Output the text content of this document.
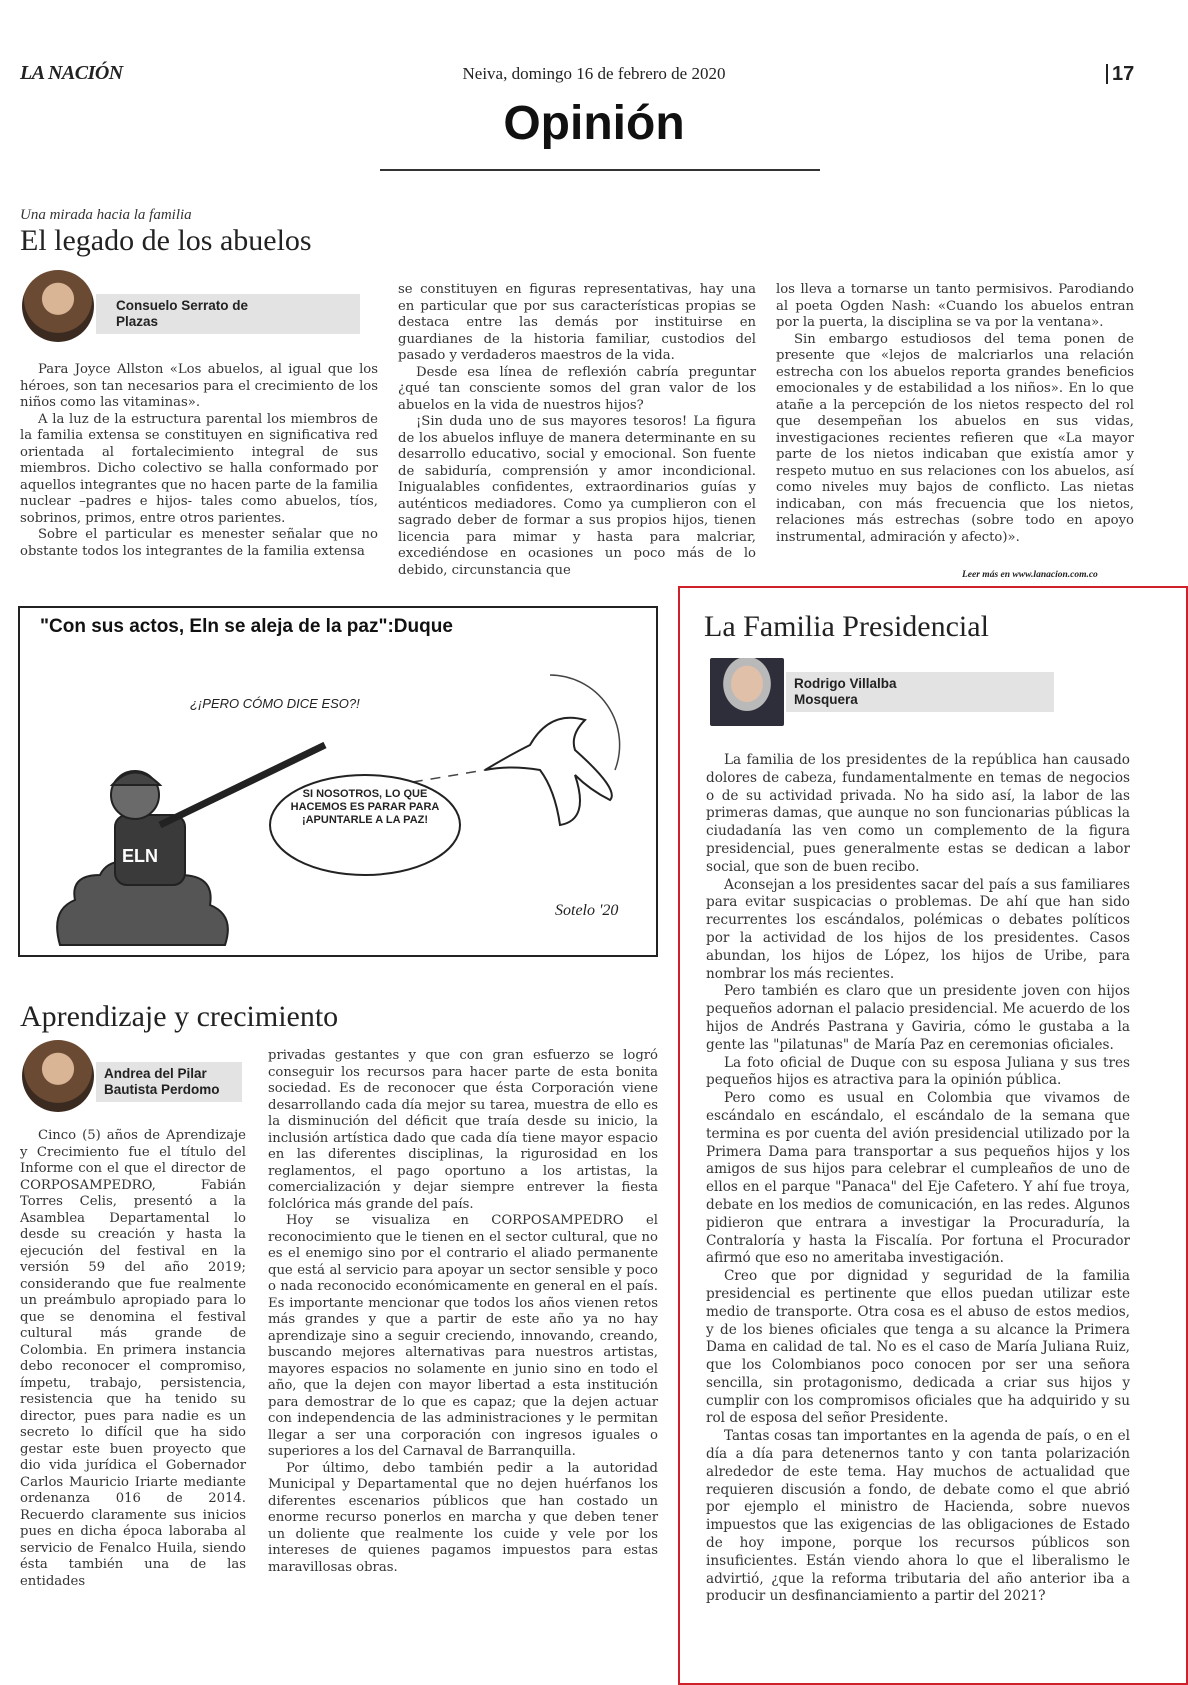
LA NACIÓN	Neiva, domingo 16 de febrero de 2020	17
Opinión
Una mirada hacia la familia
El legado de los abuelos
Consuelo Serrato de Plazas

Para Joyce Allston «Los abuelos, al igual que los héroes, son tan necesarios para el crecimiento de los niños como las vitaminas».

A la luz de la estructura parental los miembros de la familia extensa se constituyen en significativa red orientada al fortalecimiento integral de sus miembros. Dicho colectivo se halla conformado por aquellos integrantes que no hacen parte de la familia nuclear –padres e hijos- tales como abuelos, tíos, sobrinos, primos, entre otros parientes.

Sobre el particular es menester señalar que no obstante todos los integrantes de la familia extensa

se constituyen en figuras representativas, hay una en particular que por sus características propias se destaca entre las demás por instituirse en guardianes de la historia familiar, custodios del pasado y verdaderos maestros de la vida.

Desde esa línea de reflexión cabría preguntar ¿qué tan consciente somos del gran valor de los abuelos en la vida de nuestros hijos?

¡Sin duda uno de sus mayores tesoros! La figura de los abuelos influye de manera determinante en su desarrollo educativo, social y emocional. Son fuente de sabiduría, comprensión y amor incondicional. Inigualables confidentes, extraordinarios guías y auténticos mediadores. Como ya cumplieron con el sagrado deber de formar a sus propios hijos, tienen licencia para mimar y hasta para malcriar, excediéndose en ocasiones un poco más de lo debido, circunstancia que

los lleva a tornarse un tanto permisivos. Parodiando al poeta Ogden Nash: «Cuando los abuelos entran por la puerta, la disciplina se va por la ventana».

Sin embargo estudiosos del tema ponen de presente que «lejos de malcriarlos una relación estrecha con los abuelos reporta grandes beneficios emocionales y de estabilidad a los niños». En lo que atañe a la percepción de los nietos respecto del rol que desempeñan los abuelos en sus vidas, investigaciones recientes refieren que «La mayor parte de los nietos indicaban que existía amor y respeto mutuo en sus relaciones con los abuelos, así como niveles muy bajos de conflicto. Las nietas indicaban, con más frecuencia que los nietos, relaciones más estrechas (sobre todo en apoyo instrumental, admiración y afecto)».

Leer más en www.lanacion.com.co
"Con sus actos, Eln se aleja de la paz":Duque
ELN
¿¡PERO CÓMO DICE ESO?!
SI NOSOTROS, LO QUE HACEMOS ES PARAR PARA ¡APUNTARLE A LA PAZ!
Sotelo '20
Aprendizaje y crecimiento
Andrea del Pilar Bautista Perdomo

Cinco (5) años de Aprendizaje y Crecimiento fue el título del Informe con el que el director de CORPOSAMPEDRO, Fabián Torres Celis, presentó a la Asamblea Departamental lo desde su creación y hasta la ejecución del festival en la versión 59 del año 2019; considerando que fue realmente un preámbulo apropiado para lo que se denomina el festival cultural más grande de Colombia. En primera instancia debo reconocer el compromiso, ímpetu, trabajo, persistencia, resistencia que ha tenido su director, pues para nadie es un secreto lo difícil que ha sido gestar este buen proyecto que dio vida jurídica el Gobernador Carlos Mauricio Iriarte mediante ordenanza 016 de 2014. Recuerdo claramente sus inicios pues en dicha época laboraba al servicio de Fenalco Huila, siendo ésta también una de las entidades

privadas gestantes y que con gran esfuerzo se logró conseguir los recursos para hacer parte de esta bonita sociedad. Es de reconocer que ésta Corporación viene desarrollando cada día mejor su tarea, muestra de ello es la disminución del déficit que traía desde su inicio, la inclusión artística dado que cada día tiene mayor espacio en las diferentes disciplinas, la rigurosidad en los reglamentos, el pago oportuno a los artistas, la comercialización y dejar siempre entrever la fiesta folclórica más grande del país.

Hoy se visualiza en CORPOSAMPEDRO el reconocimiento que le tienen en el sector cultural, que no es el enemigo sino por el contrario el aliado permanente que está al servicio para apoyar un sector sensible y poco o nada reconocido económicamente en general en el país. Es importante mencionar que todos los años vienen retos más grandes y que a partir de este año ya no hay aprendizaje sino a seguir creciendo, innovando, creando, buscando mejores alternativas para nuestros artistas, mayores espacios no solamente en junio sino en todo el año, que la dejen con mayor libertad a esta institución para demostrar de lo que es capaz; que la dejen actuar con independencia de las administraciones y le permitan llegar a ser una corporación con ingresos iguales o superiores a los del Carnaval de Barranquilla.

Por último, debo también pedir a la autoridad Municipal y Departamental que no dejen huérfanos los diferentes escenarios públicos que han costado un enorme recurso ponerlos en marcha y que deben tener un doliente que realmente los cuide y vele por los intereses de quienes pagamos impuestos para estas maravillosas obras.

La Familia Presidencial
Rodrigo Villalba Mosquera

La familia de los presidentes de la república han causado dolores de cabeza, fundamentalmente en temas de negocios o de su actividad privada. No ha sido así, la labor de las primeras damas, que aunque no son funcionarias públicas la ciudadanía las ven como un complemento de la figura presidencial, pues generalmente estas se dedican a labor social, que son de buen recibo.

Aconsejan a los presidentes sacar del país a sus familiares para evitar suspicacias o problemas. De ahí que han sido recurrentes los escándalos, polémicas o debates políticos por la actividad de los hijos de los presidentes. Casos abundan, los hijos de López, los hijos de Uribe, para nombrar los más recientes.

Pero también es claro que un presidente joven con hijos pequeños adornan el palacio presidencial. Me acuerdo de los hijos de Andrés Pastrana y Gaviria, cómo le gustaba a la gente las "pilatunas" de María Paz en ceremonias oficiales.

La foto oficial de Duque con su esposa Juliana y sus tres pequeños hijos es atractiva para la opinión pública.

Pero como es usual en Colombia que vivamos de escándalo en escándalo, el escándalo de la semana que termina es por cuenta del avión presidencial utilizado por la Primera Dama para transportar a sus pequeños hijos y los amigos de sus hijos para celebrar el cumpleaños de uno de ellos en el parque "Panaca" del Eje Cafetero. Y ahí fue troya, debate en los medios de comunicación, en las redes. Algunos pidieron que entrara a investigar la Procuraduría, la Contraloría y hasta la Fiscalía. Por fortuna el Procurador afirmó que eso no ameritaba investigación.

Creo que por dignidad y seguridad de la familia presidencial es pertinente que ellos puedan utilizar este medio de transporte. Otra cosa es el abuso de estos medios, y de los bienes oficiales que tenga a su alcance la Primera Dama en calidad de tal. No es el caso de María Juliana Ruiz, que los Colombianos poco conocen por ser una señora sencilla, sin protagonismo, dedicada a criar sus hijos y cumplir con los compromisos oficiales que ha adquirido y su rol de esposa del señor Presidente.

Tantas cosas tan importantes en la agenda de país, o en el día a día para detenernos tanto y con tanta polarización alrededor de este tema. Hay muchos de actualidad que requieren discusión a fondo, de debate como el que abrió por ejemplo el ministro de Hacienda, sobre nuevos impuestos que las exigencias de las obligaciones de Estado de hoy impone, porque los recursos públicos son insuficientes. Están viendo ahora lo que el liberalismo le advirtió, ¿que la reforma tributaria del año anterior iba a producir un desfinanciamiento a partir del 2021?
